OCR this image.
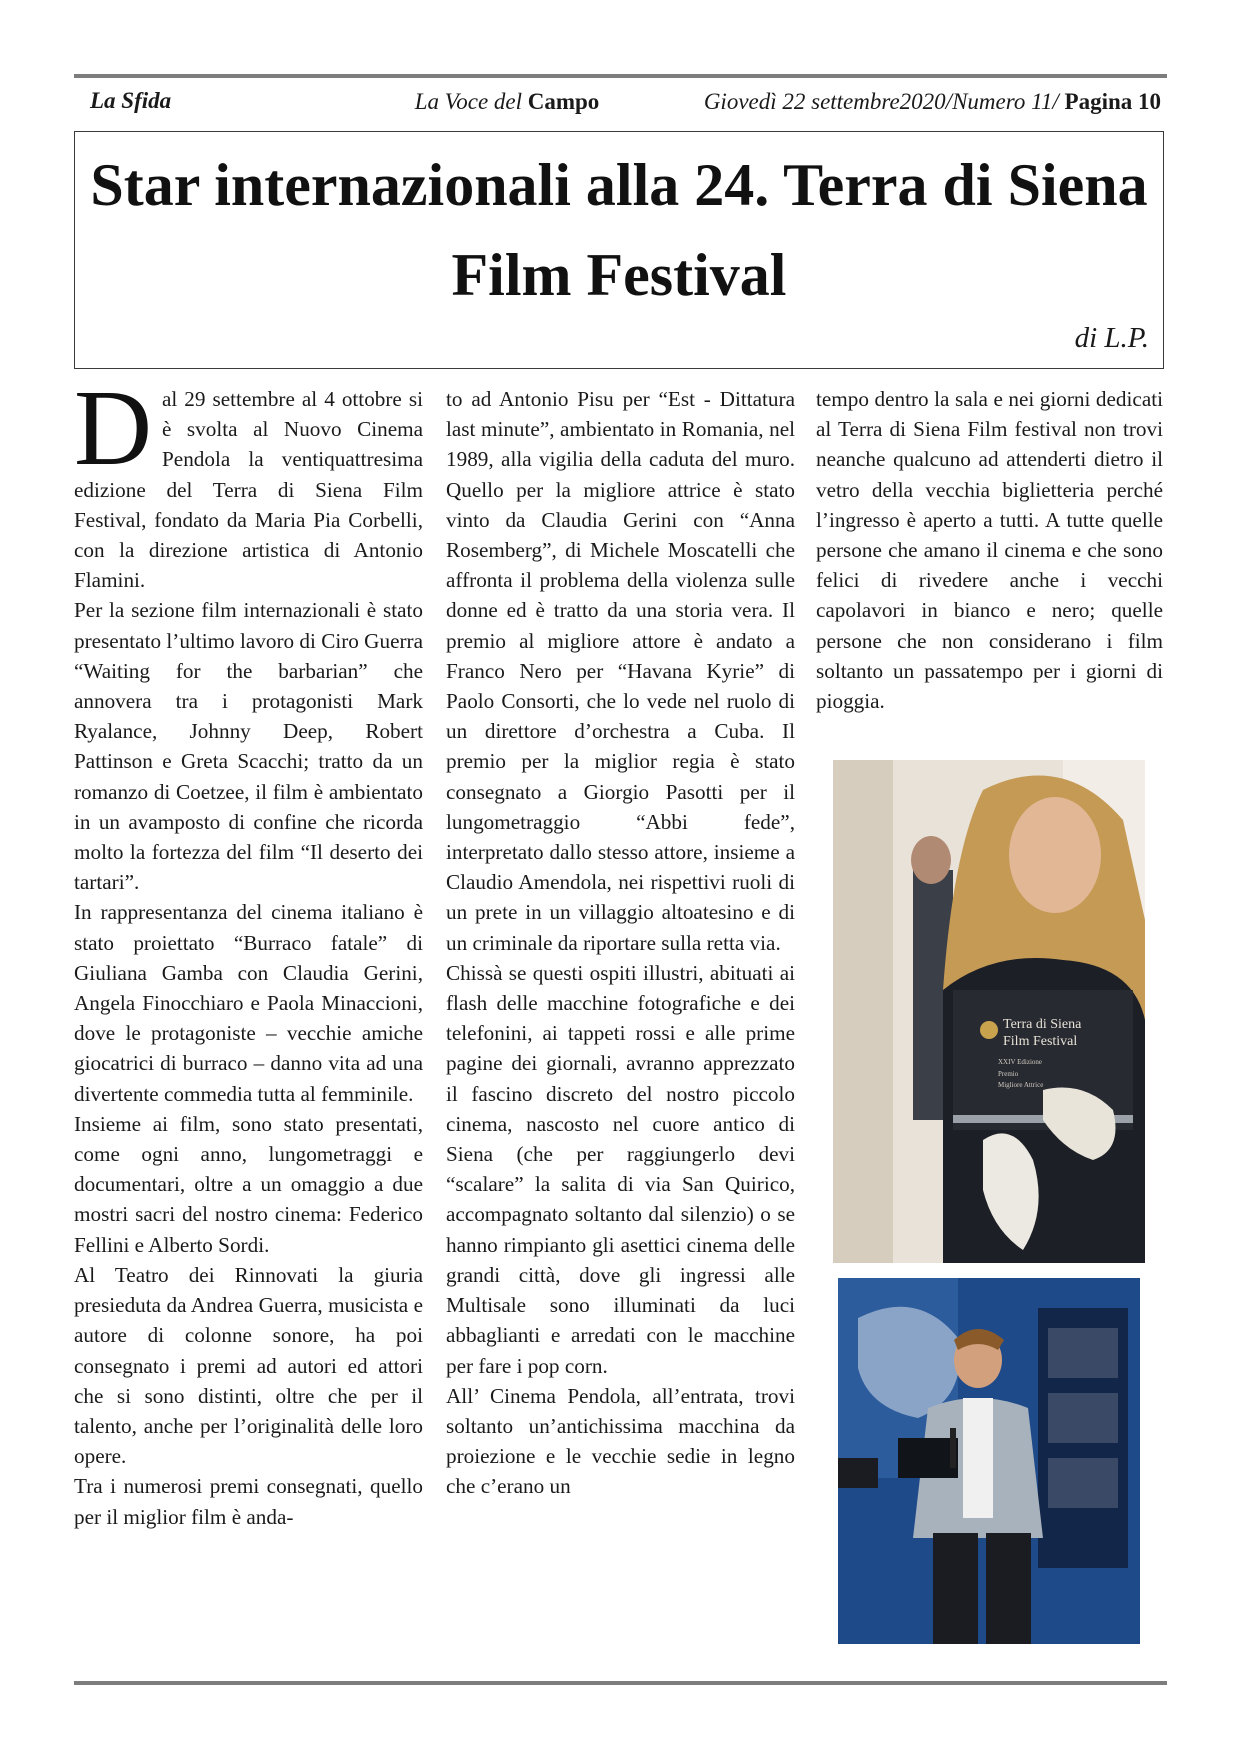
La Sfida	La Voce del Campo	Giovedì 22 settembre2020/Numero 11/ Pagina 10
Star internazionali alla 24. Terra di Siena Film Festival
di L.P.

Dal 29 settembre al 4 ottobre si è svolta al Nuovo Cinema Pendola la ventiquattresima edizione del Terra di Siena Film Festival, fondato da Maria Pia Corbelli, con la direzione artistica di Antonio Flamini.

Per la sezione film internazionali è stato presentato l’ultimo lavoro di Ciro Guerra “Waiting for the barbarian” che annovera tra i protagonisti Mark Ryalance, Johnny Deep, Robert Pattinson e Greta Scacchi; tratto da un romanzo di Coetzee, il film è ambientato in un avamposto di confine che ricorda molto la fortezza del film “Il deserto dei tartari”.

In rappresentanza del cinema italiano è stato proiettato “Burraco fatale” di Giuliana Gamba con Claudia Gerini, Angela Finocchiaro e Paola Minaccioni, dove le protagoniste – vecchie amiche giocatrici di burraco – danno vita ad una divertente commedia tutta al femminile.

Insieme ai film, sono stato presentati, come ogni anno, lungometraggi e documentari, oltre a un omaggio a due mostri sacri del nostro cinema: Federico Fellini e Alberto Sordi.

Al Teatro dei Rinnovati la giuria presieduta da Andrea Guerra, musicista e autore di colonne sonore, ha poi consegnato i premi ad autori ed attori che si sono distinti, oltre che per il talento, anche per l’originalità delle loro opere.

Tra i numerosi premi consegnati, quello per il miglior film è anda-

to ad Antonio Pisu per “Est - Dittatura last minute”, ambientato in Romania, nel 1989, alla vigilia della caduta del muro. Quello per la migliore attrice è stato vinto da Claudia Gerini con “Anna Rosemberg”, di Michele Moscatelli che affronta il problema della violenza sulle donne ed è tratto da una storia vera. Il premio al migliore attore è andato a Franco Nero per “Havana Kyrie” di Paolo Consorti, che lo vede nel ruolo di un direttore d’orchestra a Cuba. Il premio per la miglior regia è stato consegnato a Giorgio Pasotti per il lungometraggio “Abbi fede”, interpretato dallo stesso attore, insieme a Claudio Amendola, nei rispettivi ruoli di un prete in un villaggio altoatesino e di un criminale da riportare sulla retta via.

Chissà se questi ospiti illustri, abituati ai flash delle macchine fotografiche e dei telefonini, ai tappeti rossi e alle prime pagine dei giornali, avranno apprezzato il fascino discreto del nostro piccolo cinema, nascosto nel cuore antico di Siena (che per raggiungerlo devi “scalare” la salita di via San Quirico, accompagnato soltanto dal silenzio) o se hanno rimpianto gli asettici cinema delle grandi città, dove gli ingressi alle Multisale sono illuminati da luci abbaglianti e arredati con le macchine per fare i pop corn.

All’ Cinema Pendola, all’entrata, trovi soltanto un’antichissima macchina da proiezione e le vecchie sedie in legno che c’erano un

tempo dentro la sala e nei giorni dedicati al Terra di Siena Film festival non trovi neanche qualcuno ad attenderti dietro il vetro della vecchia biglietteria perché l’ingresso è aperto a tutti. A tutte quelle persone che amano il cinema e che sono felici di rivedere anche i vecchi capolavori in bianco e nero; quelle persone che non considerano i film soltanto un passatempo per i giorni di pioggia.

Terra di Siena
Film Festival
XXIV Edizione
Premio
Migliore Attrice
